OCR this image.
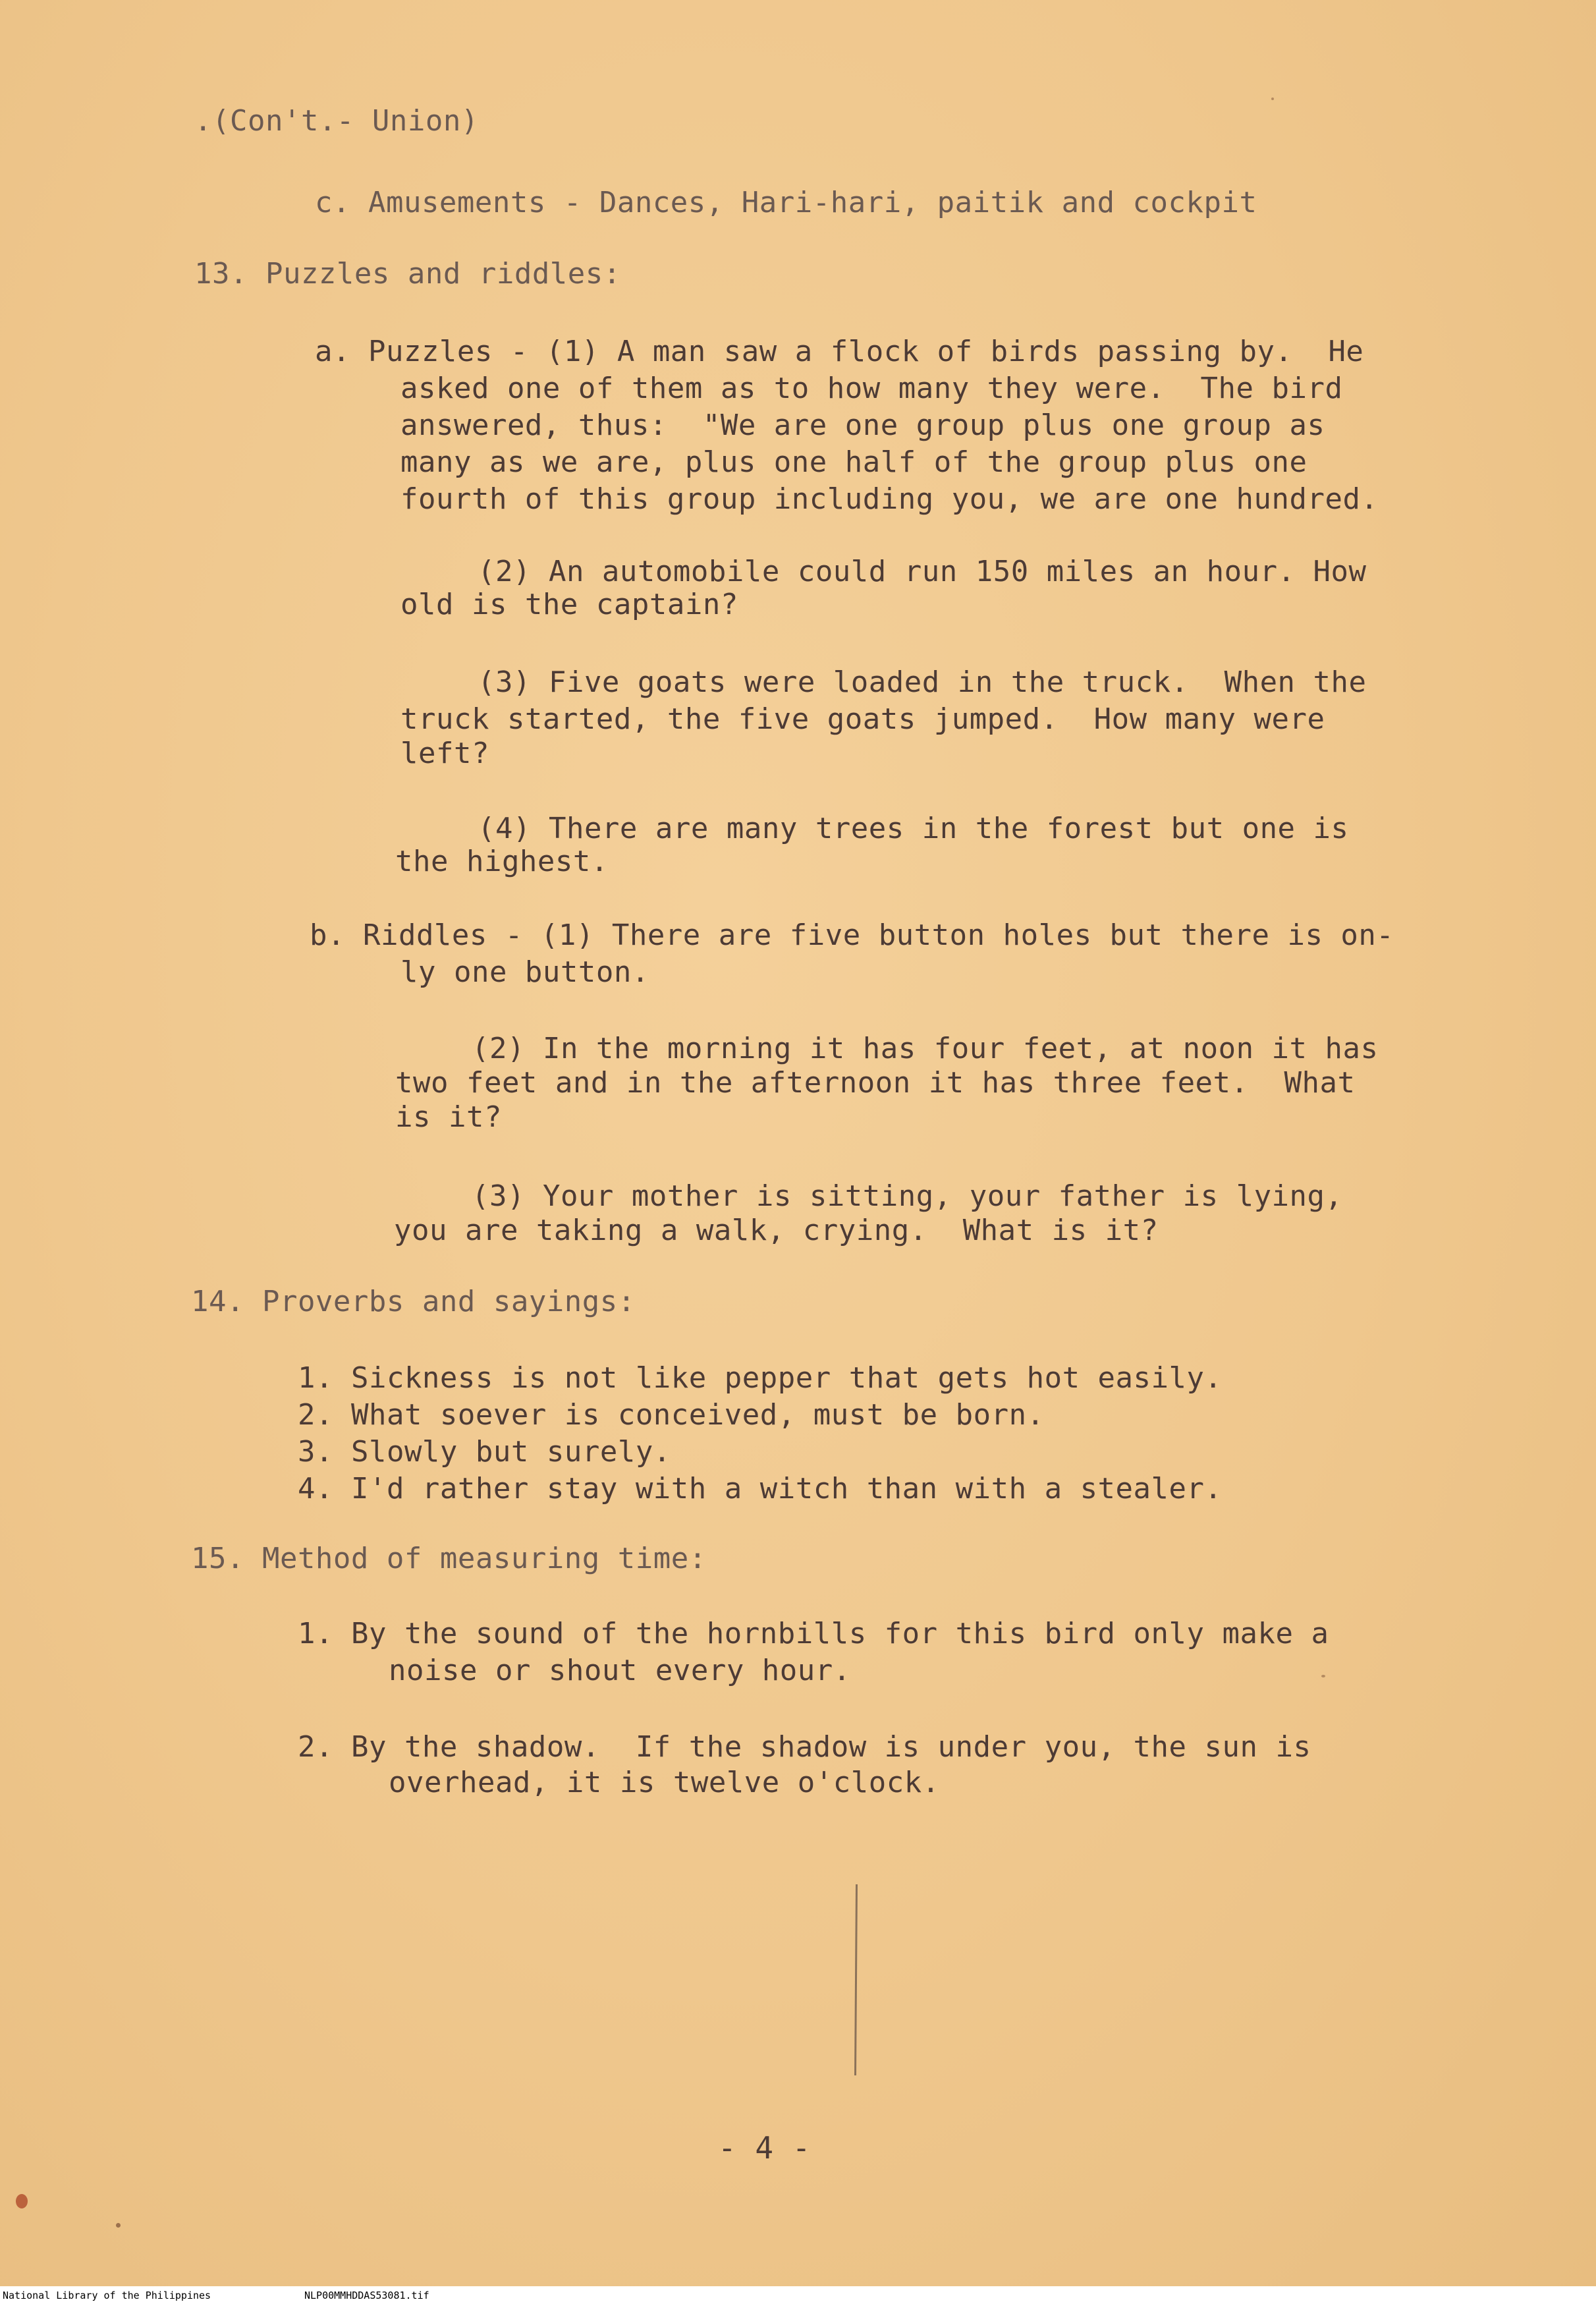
.(Con't.- Union)
c. Amusements - Dances, Hari-hari, paitik and cockpit
13. Puzzles and riddles:
a. Puzzles - (1) A man saw a flock of birds passing by.  He
asked one of them as to how many they were.  The bird
answered, thus:  "We are one group plus one group as
many as we are, plus one half of the group plus one
fourth of this group including you, we are one hundred.
(2) An automobile could run 150 miles an hour. How
old is the captain?
(3) Five goats were loaded in the truck.  When the
truck started, the five goats jumped.  How many were
left?
(4) There are many trees in the forest but one is
the highest.
b. Riddles - (1) There are five button holes but there is on-
ly one button.
(2) In the morning it has four feet, at noon it has
two feet and in the afternoon it has three feet.  What
is it?
(3) Your mother is sitting, your father is lying,
you are taking a walk, crying.  What is it?
14. Proverbs and sayings:
1. Sickness is not like pepper that gets hot easily.
2. What soever is conceived, must be born.
3. Slowly but surely.
4. I'd rather stay with a witch than with a stealer.
15. Method of measuring time:
1. By the sound of the hornbills for this bird only make a
noise or shout every hour.
2. By the shadow.  If the shadow is under you, the sun is
overhead, it is twelve o'clock.
- 4 -
National Library of the Philippines	NLP00MMHDDAS53081.tif
